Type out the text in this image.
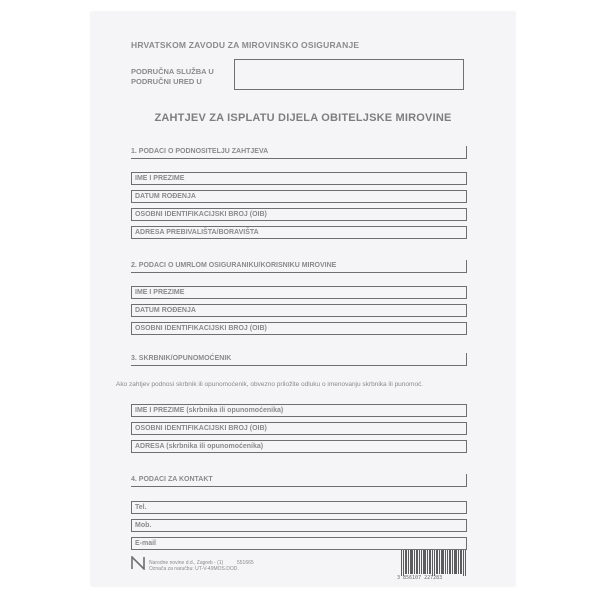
HRVATSKOM ZAVODU ZA MIROVINSKO OSIGURANJE
PODRUČNA SLUŽBA U
PODRUČNI URED U
ZAHTJEV ZA ISPLATU DIJELA OBITELJSKE MIROVINE
1. PODACI O PODNOSITELJU ZAHTJEVA
IME I PREZIME
DATUM ROĐENJA
OSOBNI IDENTIFIKACIJSKI BROJ (OIB)
ADRESA PREBIVALIŠTA/BORAVIŠTA
2. PODACI O UMRLOM OSIGURANIKU/KORISNIKU MIROVINE
IME I PREZIME
DATUM ROĐENJA
OSOBNI IDENTIFIKACIJSKI BROJ (OIB)
3. SKRBNIK/OPUNOMOĆENIK
Ako zahtjev podnosi skrbnik ili opunomoćenik, obvezno priložite odluku o imenovanju skrbnika ili punomoć.
IME I PREZIME (skrbnika ili opunomoćenika)
OSOBNI IDENTIFIKACIJSKI BROJ (OIB)
ADRESA (skrbnika ili opunomoćenika)
4. PODACI ZA KONTAKT
Tel.
Mob.
E-mail
Narodne novine d.d., Zagreb - (1)	551665
Označa za naručbu: UT-V-49MOS.DOD.
3 856107 227283
